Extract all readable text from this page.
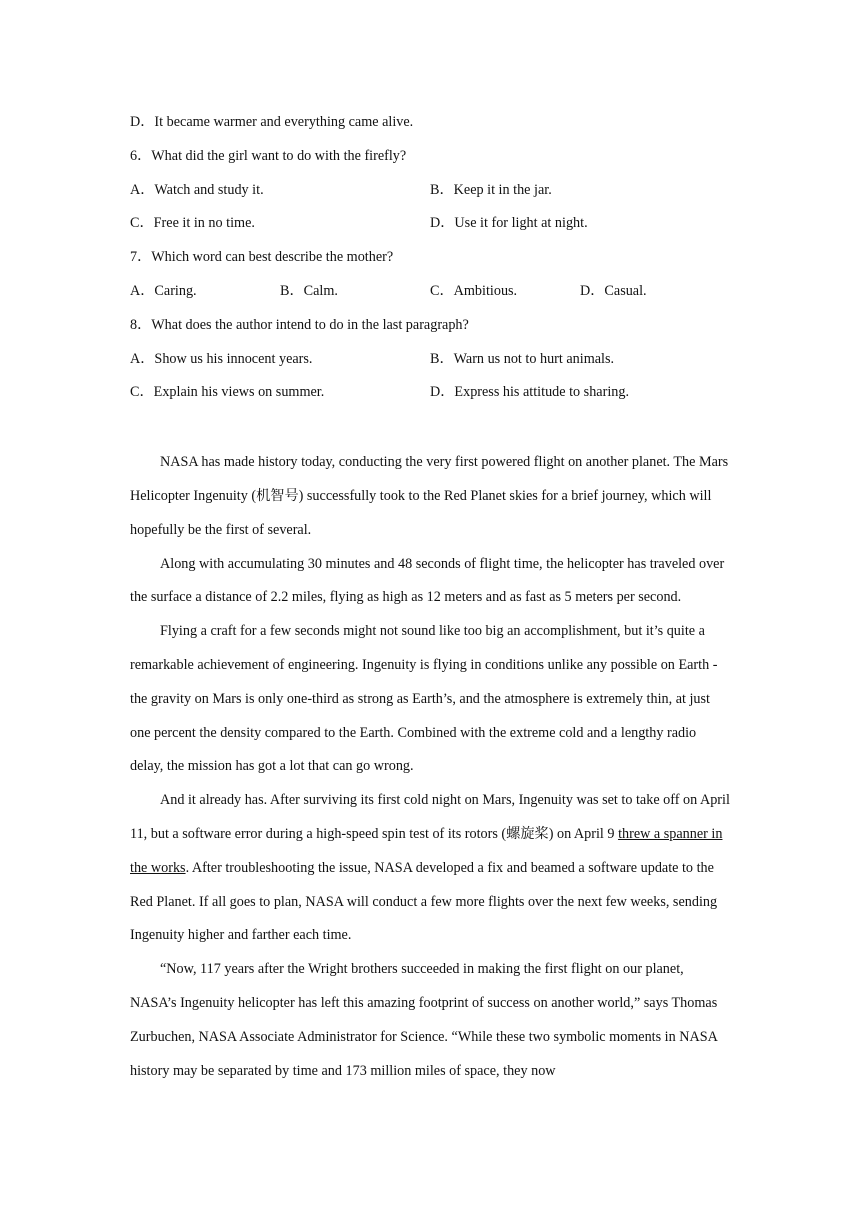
D．It became warmer and everything came alive.
6．What did the girl want to do with the firefly?
A．Watch and study it.	B．Keep it in the jar.
C．Free it in no time.	D．Use it for light at night.
7．Which word can best describe the mother?
A．Caring.	B．Calm.	C．Ambitious.	D．Casual.
8．What does the author intend to do in the last paragraph?
A．Show us his innocent years.	B．Warn us not to hurt animals.
C．Explain his views on summer.	D．Express his attitude to sharing.

NASA has made history today, conducting the very first powered flight on another planet. The Mars Helicopter Ingenuity (机智号) successfully took to the Red Planet skies for a brief journey, which will hopefully be the first of several.

Along with accumulating 30 minutes and 48 seconds of flight time, the helicopter has traveled over the surface a distance of 2.2 miles, flying as high as 12 meters and as fast as 5 meters per second.

Flying a craft for a few seconds might not sound like too big an accomplishment, but it’s quite a remarkable achievement of engineering. Ingenuity is flying in conditions unlike any possible on Earth - the gravity on Mars is only one-third as strong as Earth’s, and the atmosphere is extremely thin, at just one percent the density compared to the Earth. Combined with the extreme cold and a lengthy radio delay, the mission has got a lot that can go wrong.

And it already has. After surviving its first cold night on Mars, Ingenuity was set to take off on April 11, but a software error during a high-speed spin test of its rotors (螺旋桨) on April 9 threw a spanner in the works. After troubleshooting the issue, NASA developed a fix and beamed a software update to the Red Planet. If all goes to plan, NASA will conduct a few more flights over the next few weeks, sending Ingenuity higher and farther each time.

“Now, 117 years after the Wright brothers succeeded in making the first flight on our planet, NASA’s Ingenuity helicopter has left this amazing footprint of success on another world,” says Thomas Zurbuchen, NASA Associate Administrator for Science. “While these two symbolic moments in NASA history may be separated by time and 173 million miles of space, they now
